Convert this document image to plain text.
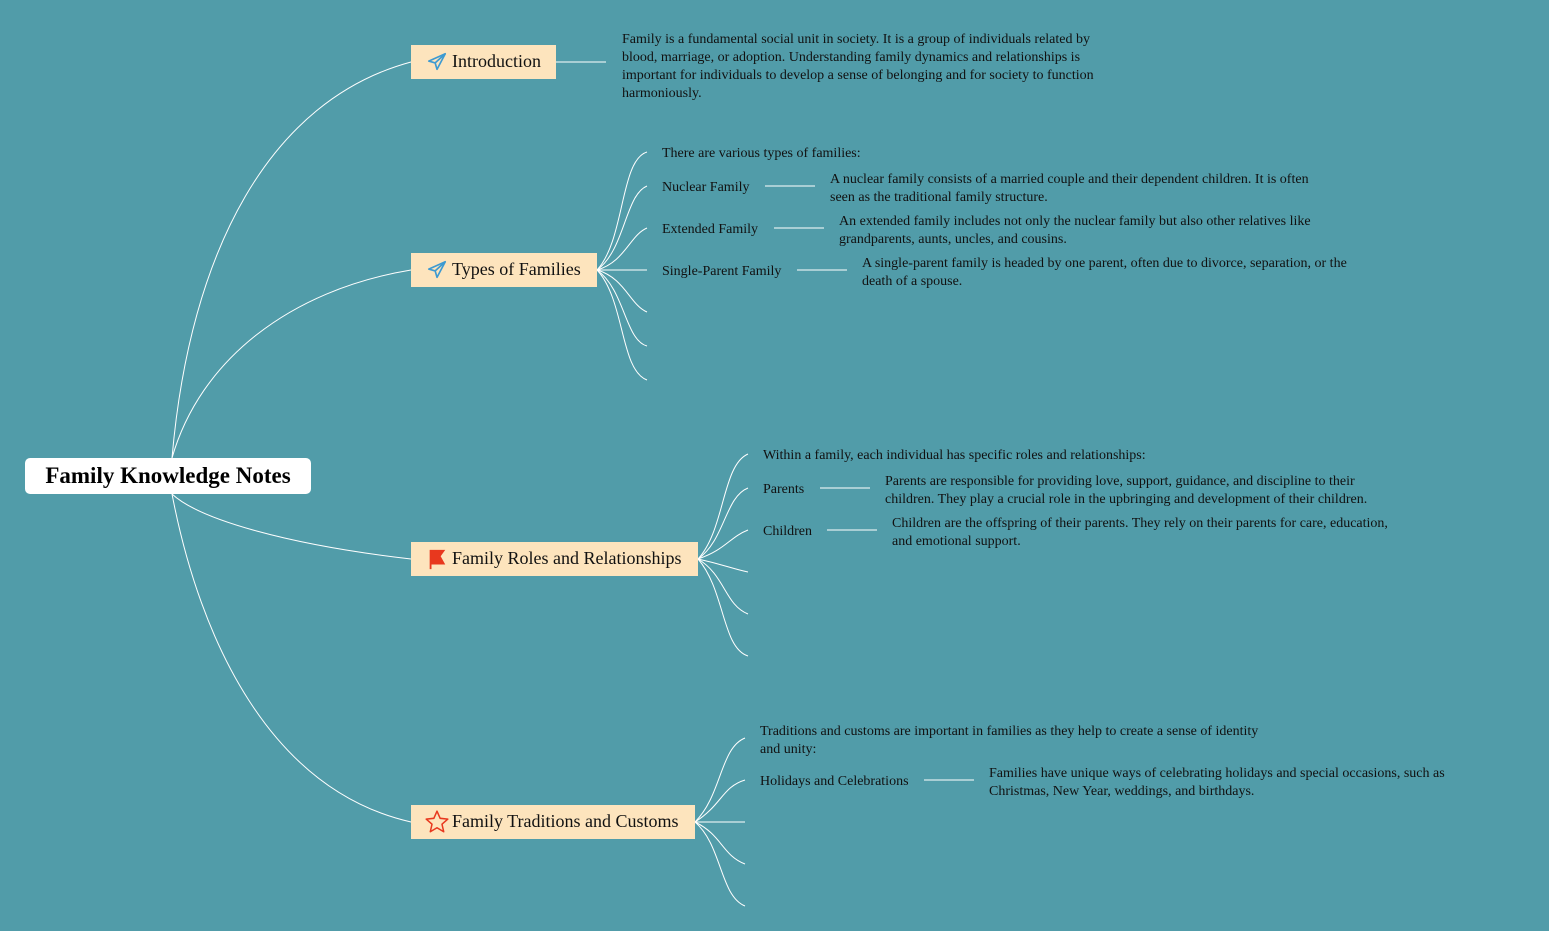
Family Knowledge Notes
Introduction
Family is a fundamental social unit in society. It is a group of individuals related by blood, marriage, or adoption. Understanding family dynamics and relationships is important for individuals to develop a sense of belonging and for society to function harmoniously.
Types of Families
There are various types of families:
Nuclear Family
A nuclear family consists of a married couple and their dependent children. It is often seen as the traditional family structure.
Extended Family
An extended family includes not only the nuclear family but also other relatives like grandparents, aunts, uncles, and cousins.
Single-Parent Family
A single-parent family is headed by one parent, often due to divorce, separation, or the death of a spouse.
Family Roles and Relationships
Within a family, each individual has specific roles and relationships:
Parents
Parents are responsible for providing love, support, guidance, and discipline to their children. They play a crucial role in the upbringing and development of their children.
Children
Children are the offspring of their parents. They rely on their parents for care, education, and emotional support.
Family Traditions and Customs
Traditions and customs are important in families as they help to create a sense of identity and unity:
Holidays and Celebrations
Families have unique ways of celebrating holidays and special occasions, such as Christmas, New Year, weddings, and birthdays.
